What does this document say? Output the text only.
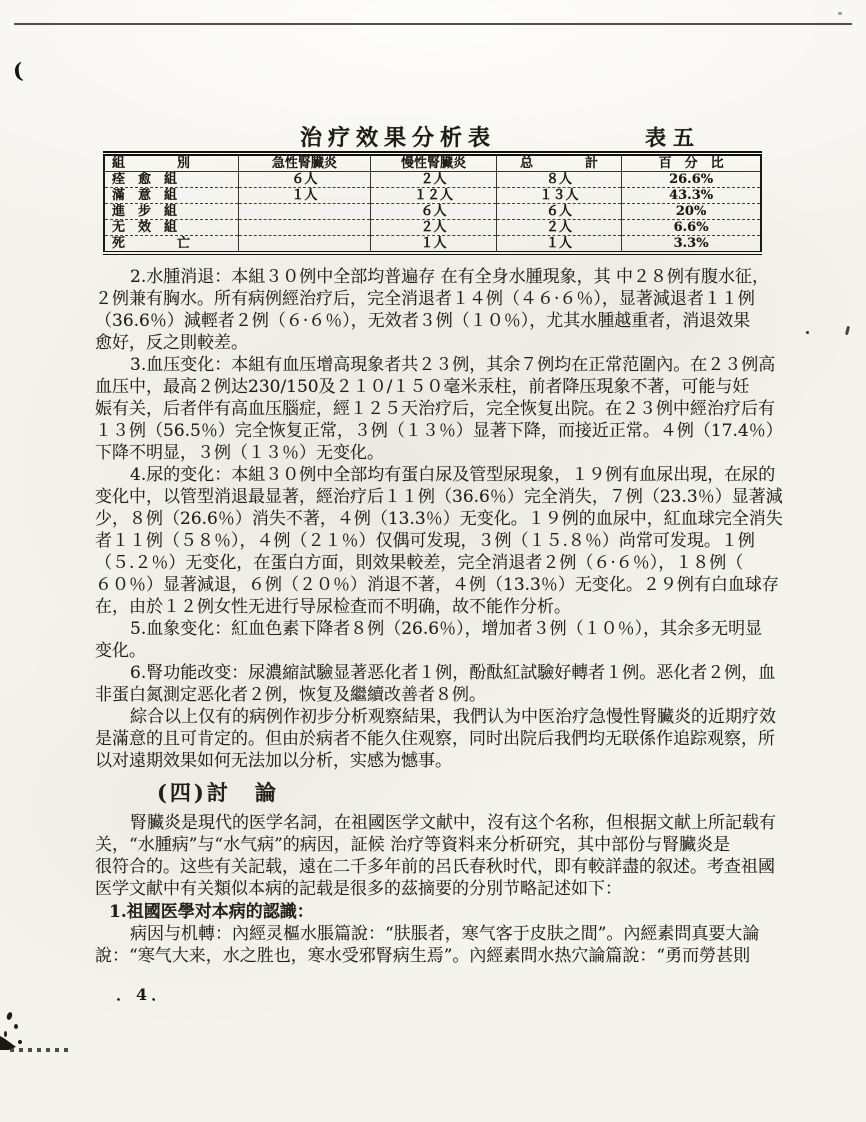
(
治疗效果分析表	表五
組　　　　別	急性腎臟炎	慢性腎臟炎	总　　　　計	百　分　比
痊　愈　組	６人	２人	８人	26.6%
滿　意　組	１人	１２人	１３人	43.3%
進　步　組		６人	６人	20%
无　效　組		２人	２人	6.6%
死　　　　亡		１人	１人	3.3%
2.水腫消退：本組３０例中全部均普遍存 在有全身水腫現象，其 中２８例有腹水征，
２例兼有胸水。所有病例經治疗后，完全消退者１４例（４６·６％），显著減退者１１例
（36.6％）減輕者２例（６·６％），无效者３例（１０％），尤其水腫越重者，消退效果
愈好，反之則較差。
3.血压变化：本組有血压增高現象者共２３例，其余７例均在正常范圍內。在２３例高
血压中，最高２例达230/150及２１０/１５０毫米汞柱，前者降压現象不著，可能与妊
娠有关，后者伴有高血压腦症，經１２５天治疗后，完全恢复出院。在２３例中經治疗后有
１３例（56.5％）完全恢复正常，３例（１３％）显著下降，而接近正常。４例（17.4％）
下降不明显，３例（１３％）无变化。
4.尿的变化：本組３０例中全部均有蛋白尿及管型尿現象，１９例有血尿出現，在尿的
变化中，以管型消退最显著，經治疗后１１例（36.6％）完全消失，７例（23.3％）显著減
少，８例（26.6％）消失不著，４例（13.3％）无变化。１９例的血尿中，紅血球完全消失
者１１例（５８％），４例（２１％）仅偶可发現，３例（１５.８％）尚常可发現。１例
（５.２％）无变化，在蛋白方面，則效果較差，完全消退者２例（６·６％），１８例（
６０％）显著減退，６例（２０％）消退不著，４例（13.3％）无变化。２９例有白血球存
在，由於１２例女性无进行导尿检查而不明确，故不能作分析。
5.血象变化：紅血色素下降者８例（26.6％），增加者３例（１０％），其余多无明显
变化。
6.腎功能改变：尿濃縮試驗显著恶化者１例，酚酞紅試驗好轉者１例。恶化者２例，血
非蛋白氮測定恶化者２例，恢复及繼續改善者８例。
綜合以上仅有的病例作初步分析观察結果，我們认为中医治疗急慢性腎臟炎的近期疗效
是滿意的且可肯定的。但由於病者不能久住观察，同时出院后我們均无联係作追踪观察，所
以对遠期效果如何无法加以分析，实感为憾事。
(四)討　論
腎臟炎是現代的医学名詞，在祖國医学文献中，沒有这个名称，但根据文献上所記载有
关，“水腫病”与“水气病”的病因，証候 治疗等資料来分析研究，其中部份与腎臟炎是
很符合的。这些有关記载，遠在二千多年前的呂氏春秋时代，即有較詳盡的叙述。考查祖國
医学文献中有关類似本病的記载是很多的茲摘要的分別节略記述如下：
1.祖國医學对本病的認識：
病因与机轉：內經灵樞水脹篇說：“肤脹者，寒气客于皮肤之間”。內經素問真要大論
說：“寒气大来，水之胜也，寒水受邪腎病生焉”。內經素問水热穴論篇說：“勇而勞甚則
．4．
